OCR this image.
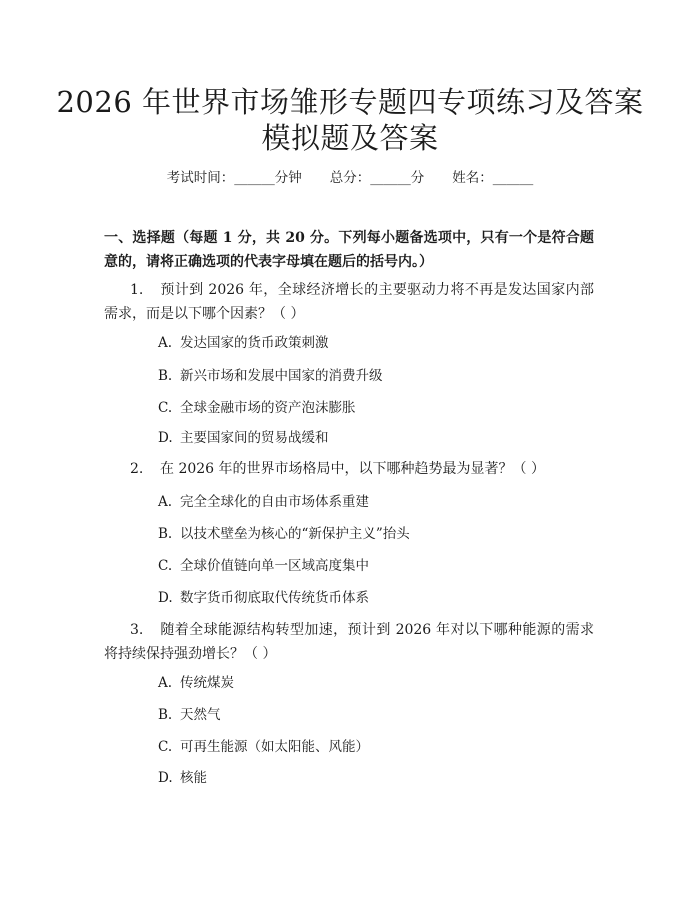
2026 年世界市场雏形专题四专项练习及答案
模拟题及答案
考试时间：______分钟 总分：______分 姓名：______
一、选择题（每题 1 分，共 20 分。下列每小题备选项中，只有一个是符合题意的，请将正确选项的代表字母填在题后的括号内。）
1. 预计到 2026 年，全球经济增长的主要驱动力将不再是发达国家内部需求，而是以下哪个因素？（ ）
A. 发达国家的货币政策刺激
B. 新兴市场和发展中国家的消费升级
C. 全球金融市场的资产泡沫膨胀
D. 主要国家间的贸易战缓和
2. 在 2026 年的世界市场格局中，以下哪种趋势最为显著？（ ）
A. 完全全球化的自由市场体系重建
B. 以技术壁垒为核心的“新保护主义”抬头
C. 全球价值链向单一区域高度集中
D. 数字货币彻底取代传统货币体系
3. 随着全球能源结构转型加速，预计到 2026 年对以下哪种能源的需求将持续保持强劲增长？（ ）
A. 传统煤炭
B. 天然气
C. 可再生能源（如太阳能、风能）
D. 核能
